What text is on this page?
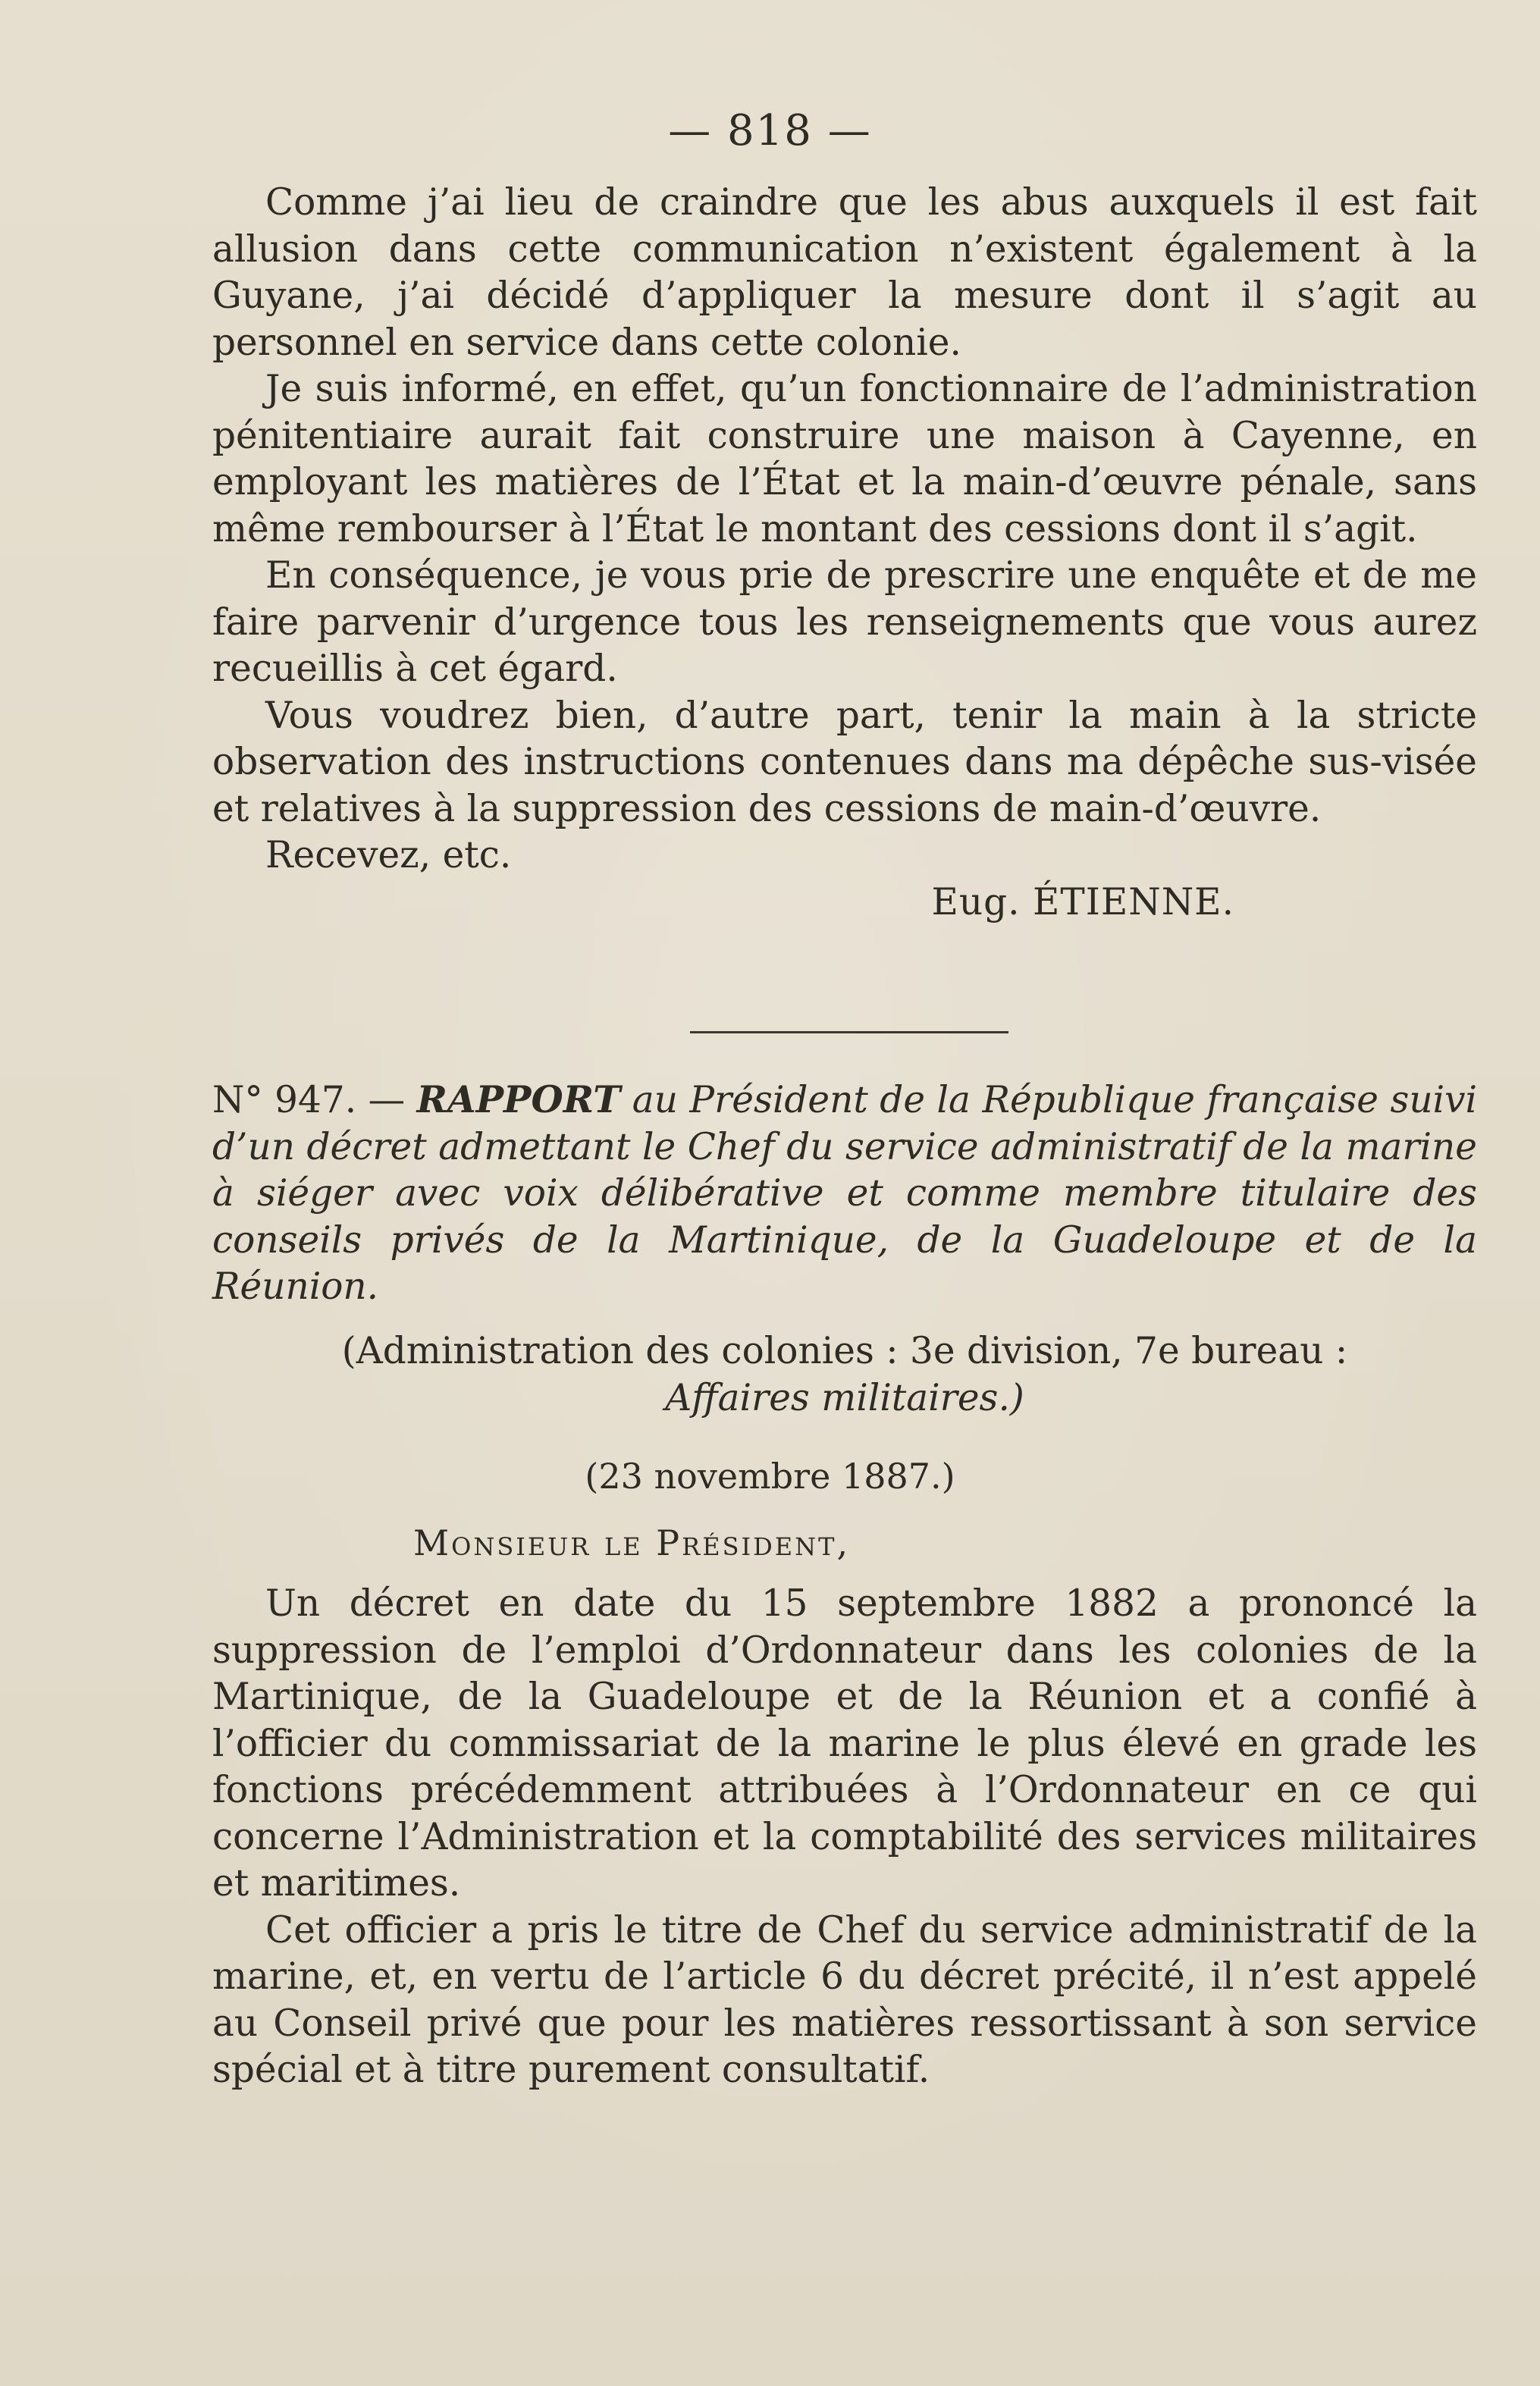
— 818 —

Comme j’ai lieu de craindre que les abus auxquels il est fait allusion dans cette communication n’existent également à la Guyane, j’ai décidé d’appliquer la mesure dont il s’agit au personnel en service dans cette colonie.

Je suis informé, en effet, qu’un fonctionnaire de l’administration pénitentiaire aurait fait construire une maison à Cayenne, en employant les matières de l’État et la main-d’œuvre pénale, sans même rembourser à l’État le montant des cessions dont il s’agit.

En conséquence, je vous prie de prescrire une enquête et de me faire parvenir d’urgence tous les renseignements que vous aurez recueillis à cet égard.

Vous voudrez bien, d’autre part, tenir la main à la stricte observation des instructions contenues dans ma dépêche sus-visée et relatives à la suppression des cessions de main-d’œuvre.

Recevez, etc.

Eug. ÉTIENNE.

N° 947. — RAPPORT au Président de la République française suivi d’un décret admettant le Chef du service administratif de la marine à siéger avec voix délibérative et comme membre titulaire des conseils privés de la Martinique, de la Guadeloupe et de la Réunion.

(Administration des colonies : 3e division, 7e bureau :

Affaires militaires.)

(23 novembre 1887.)
Monsieur le Président,

Un décret en date du 15 septembre 1882 a prononcé la suppression de l’emploi d’Ordonnateur dans les colonies de la Martinique, de la Guadeloupe et de la Réunion et a confié à l’officier du commissariat de la marine le plus élevé en grade les fonctions précédemment attribuées à l’Ordonnateur en ce qui concerne l’Administration et la comptabilité des services militaires et maritimes.

Cet officier a pris le titre de Chef du service administratif de la marine, et, en vertu de l’article 6 du décret précité, il n’est appelé au Conseil privé que pour les matières ressortissant à son service spécial et à titre purement consultatif.
